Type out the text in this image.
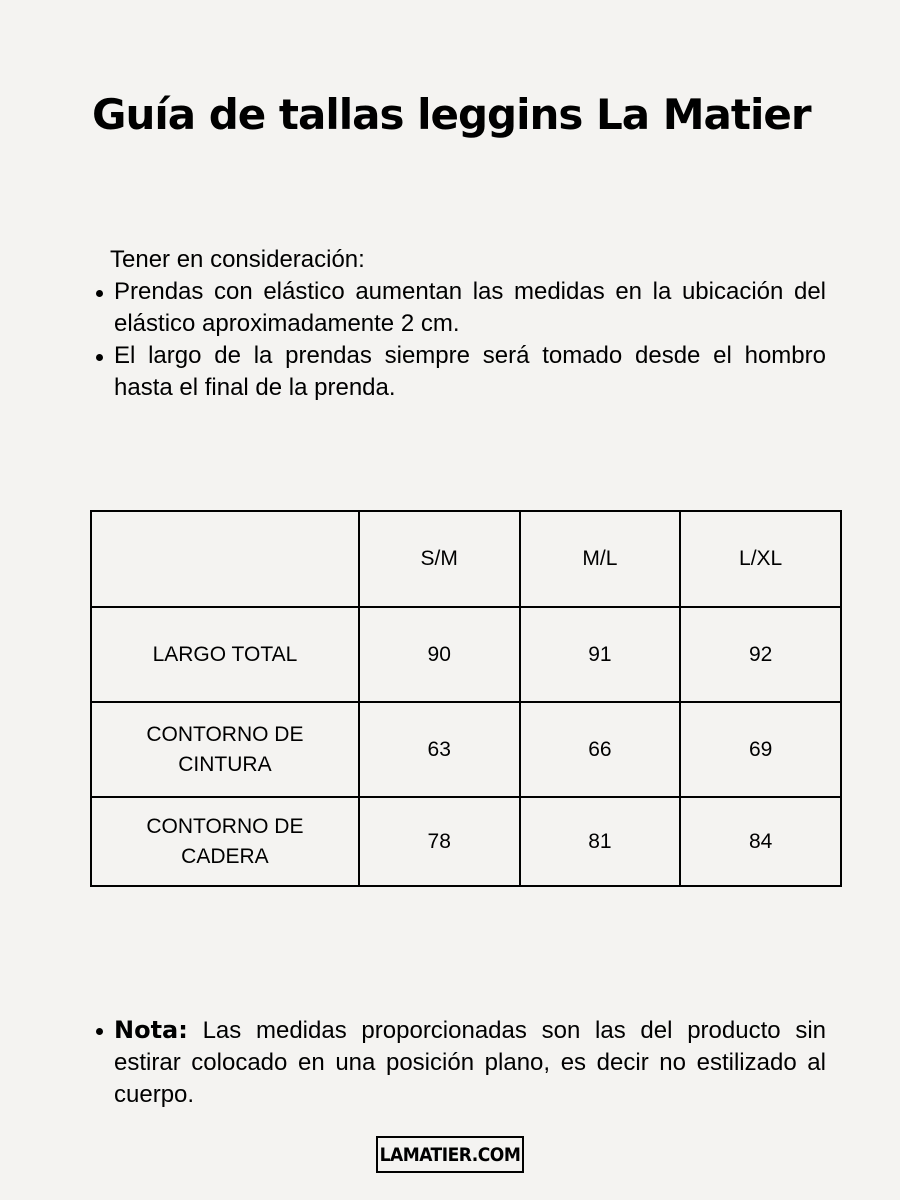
Guía de tallas leggins La Matier
Tener en consideración:
Prendas con elástico aumentan las medidas en la ubicación del elástico aproximadamente 2 cm.
El largo de la prendas siempre será tomado desde el hombro hasta el final de la prenda.
	S/M	M/L	L/XL
LARGO TOTAL	90	91	92
CONTORNO DE CINTURA	63	66	69
CONTORNO DE CADERA	78	81	84
Nota: Las medidas proporcionadas son las del producto sin estirar colocado en una posición plano, es decir no estilizado al cuerpo.
LAMATIER.COM
